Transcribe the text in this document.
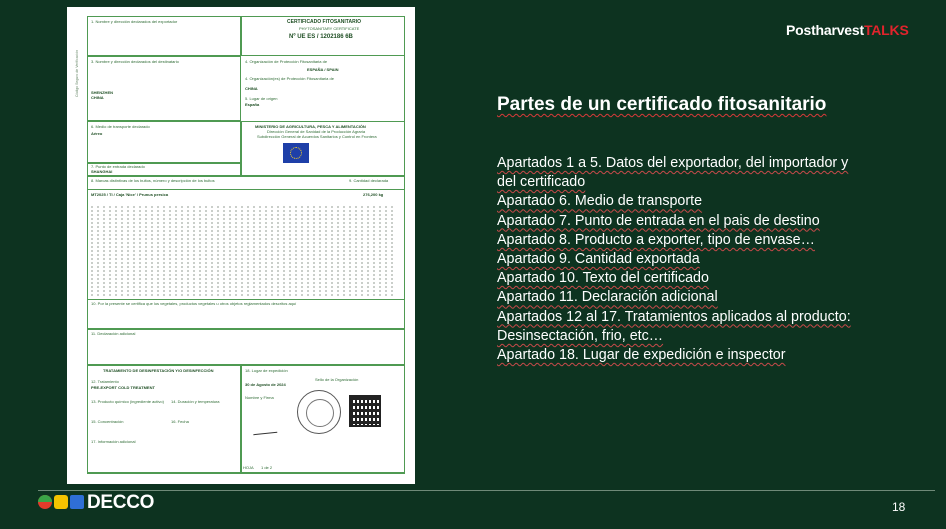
Código Seguro de Verificación
1. Nombre y dirección declarados del exportador	CERTIFICADO FITOSANITARIO
PHYTOSANITARY CERTIFICATE
Nº UE ES / 1202186 6B
3. Nombre y dirección declarados del destinatario
SHENZHEN
CHINA
4. Organización de Protección Fitosanitaria de
ESPAÑA / SPAIN
4. Organización(es) de Protección Fitosanitaria de
CHINA
5. Lugar de origen
España
6. Medio de transporte declarado
Aéreo
MINISTERIO DE AGRICULTURA, PESCA Y ALIMENTACIÓN
Dirección General de Sanidad de la Producción Agraria
Subdirección General de Acuerdos Sanitarios y Control en Frontera
7. Punto de entrada declarado
SHANGHAI
8. Marcas distintivas de los bultos, número y descripción de los bultos	9. Cantidad declarada
MT2025 / TI / Caja 'Nice' / Prunus persica	276,200 kg
10. Por la presente se certifica que los vegetales, productos vegetales u otros objetos reglamentados descritos aquí
11. Declaración adicional
TRATAMIENTO DE DESINFESTACIÓN Y/O DESINFECCIÓN
12. Tratamiento
PRE-EXPORT COLD TREATMENT
13. Producto químico (ingrediente activo) 14. Duración y temperatura
15. Concentración	16. Fecha
17. Información adicional
18. Lugar de expedición
30 de Agosto de 2024
Sello de la Organización
Nombre y Firma
HOJA 1 de 2
PostharvestTALKS
Partes de un certificado fitosanitario
Apartados 1 a 5. Datos del exportador, del importador y
del certificado
Apartado 6. Medio de transporte
Apartado 7. Punto de entrada en el pais de destino
Apartado 8. Producto a exporter, tipo de envase…
Apartado 9. Cantidad exportada
Apartado 10. Texto del certificado
Apartado 11. Declaración adicional
Apartados 12 al 17. Tratamientos aplicados al producto:
Desinsectación, frio, etc…
Apartado 18. Lugar de expedición e inspector
DECCO	18
